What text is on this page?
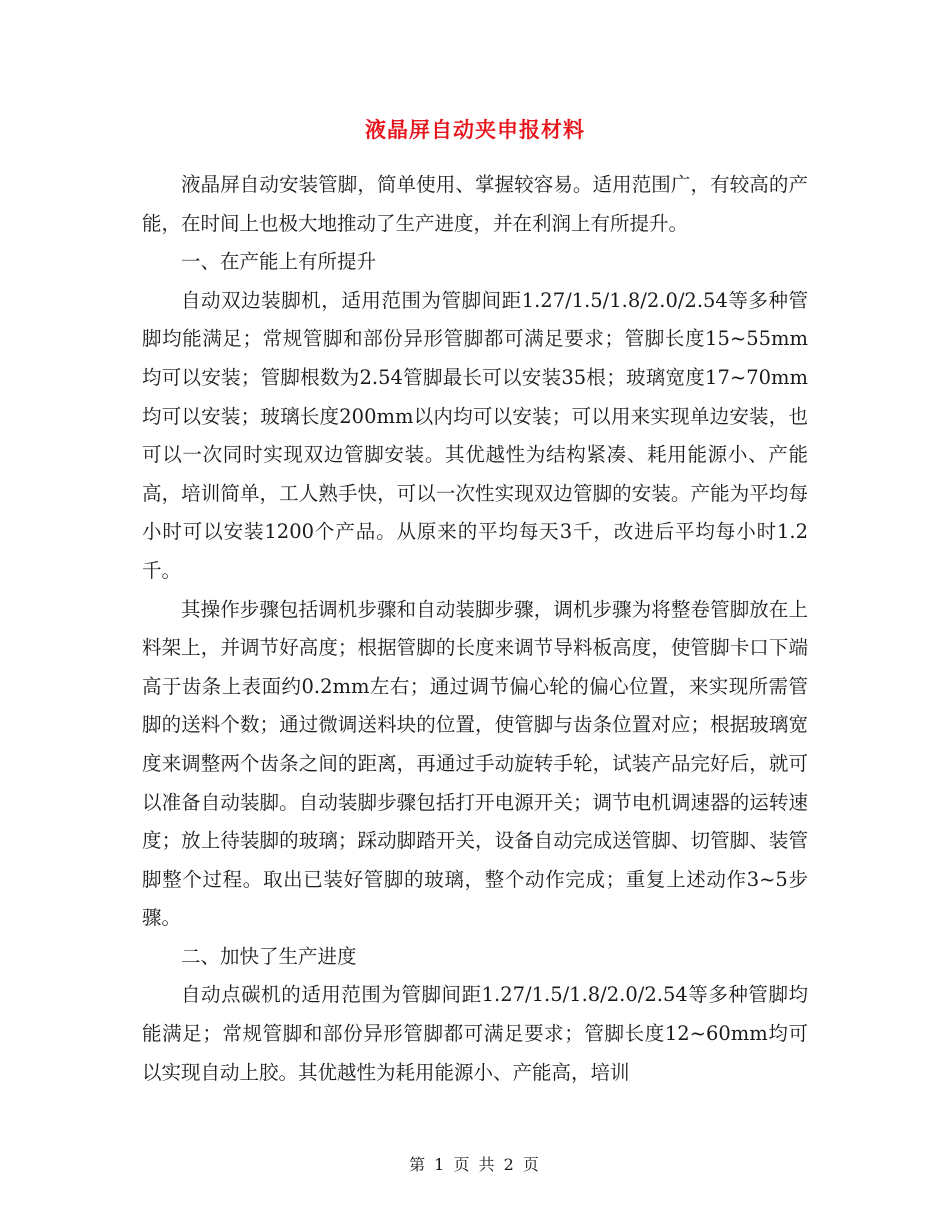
液晶屏自动夹申报材料

液晶屏自动安装管脚，简单使用、掌握较容易。适用范围广，有较高的产能，在时间上也极大地推动了生产进度，并在利润上有所提升。

一、在产能上有所提升

自动双边装脚机，适用范围为管脚间距1.27/1.5/1.8/2.0/2.54等多种管脚均能满足；常规管脚和部份异形管脚都可满足要求；管脚长度15~55mm均可以安装；管脚根数为2.54管脚最长可以安装35根；玻璃宽度17~70mm均可以安装；玻璃长度200mm以内均可以安装；可以用来实现单边安装，也可以一次同时实现双边管脚安装。其优越性为结构紧凑、耗用能源小、产能高，培训简单，工人熟手快，可以一次性实现双边管脚的安装。产能为平均每小时可以安装1200个产品。从原来的平均每天3千，改进后平均每小时1.2千。

其操作步骤包括调机步骤和自动装脚步骤，调机步骤为将整卷管脚放在上料架上，并调节好高度；根据管脚的长度来调节导料板高度，使管脚卡口下端高于齿条上表面约0.2mm左右；通过调节偏心轮的偏心位置，来实现所需管脚的送料个数；通过微调送料块的位置，使管脚与齿条位置对应；根据玻璃宽度来调整两个齿条之间的距离，再通过手动旋转手轮，试装产品完好后，就可以准备自动装脚。自动装脚步骤包括打开电源开关；调节电机调速器的运转速度；放上待装脚的玻璃；踩动脚踏开关，设备自动完成送管脚、切管脚、装管脚整个过程。取出已装好管脚的玻璃，整个动作完成；重复上述动作3~5步骤。

二、加快了生产进度

自动点碳机的适用范围为管脚间距1.27/1.5/1.8/2.0/2.54等多种管脚均能满足；常规管脚和部份异形管脚都可满足要求；管脚长度12~60mm均可以实现自动上胶。其优越性为耗用能源小、产能高，培训

第 1 页 共 2 页
